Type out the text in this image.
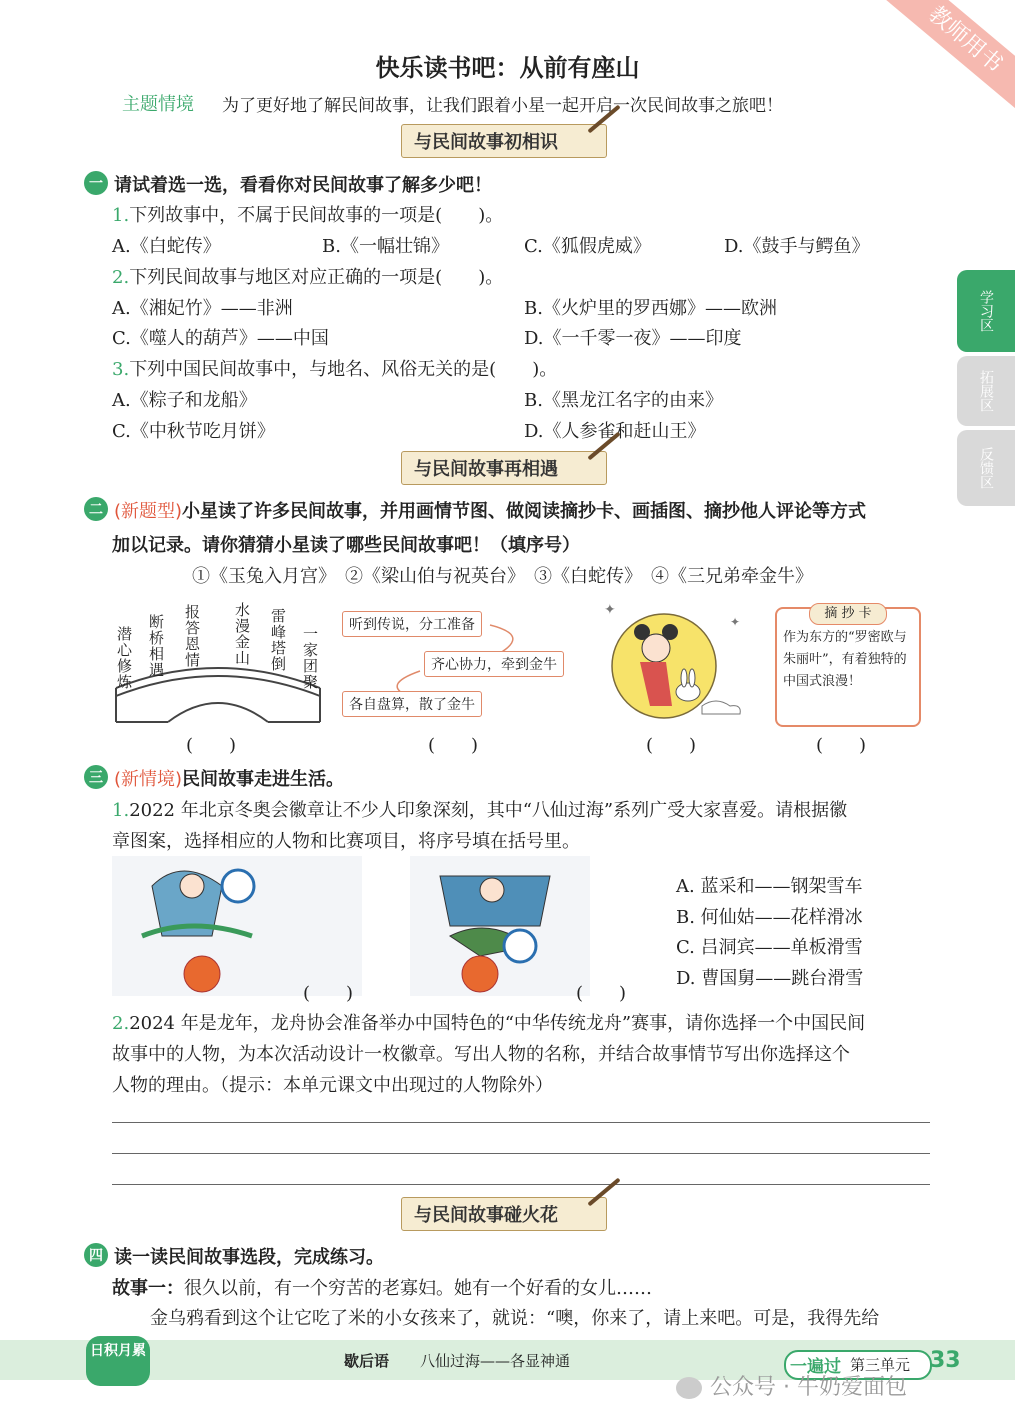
教师用书
快乐读书吧：从前有座山
主题情境 为了更好地了解民间故事，让我们跟着小星一起开启一次民间故事之旅吧！
学习区
拓展区
反馈区
与民间故事初相识
一 请试着选一选，看看你对民间故事了解多少吧！
1.下列故事中，不属于民间故事的一项是(　　)。
A.《白蛇传》	B.《一幅壮锦》	C.《狐假虎威》	D.《鼓手与鳄鱼》
2.下列民间故事与地区对应正确的一项是(　　)。
A.《湘妃竹》——非洲	B.《火炉里的罗西娜》——欧洲
C.《噬人的葫芦》——中国	D.《一千零一夜》——印度
3.下列中国民间故事中，与地名、风俗无关的是(　　)。
A.《粽子和龙船》	B.《黑龙江名字的由来》
C.《中秋节吃月饼》	D.《人参雀和赶山王》
与民间故事再相遇
二 (新题型)小星读了许多民间故事，并用画情节图、做阅读摘抄卡、画插图、摘抄他人评论等方式
加以记录。请你猜猜小星读了哪些民间故事吧！（填序号）
①《玉兔入月宫》　②《梁山伯与祝英台》　③《白蛇传》　④《三兄弟牵金牛》
潜心修炼 断桥相遇 报答恩情 水漫金山 雷峰塔倒 一家团聚
听到传说，分工准备
齐心协力，牵到金牛
各自盘算，散了金牛
✦
✦
摘 抄 卡
作为东方的“罗密欧与朱丽叶”，有着独特的中国式浪漫！
(　　)	(　　)	(　　)	(　　)
三 (新情境)民间故事走进生活。
1.2022 年北京冬奥会徽章让不少人印象深刻，其中“八仙过海”系列广受大家喜爱。请根据徽
章图案，选择相应的人物和比赛项目，将序号填在括号里。
(　　)	(　　)
A. 蓝采和——钢架雪车
B. 何仙姑——花样滑冰
C. 吕洞宾——单板滑雪
D. 曹国舅——跳台滑雪
2.2024 年是龙年，龙舟协会准备举办中国特色的“中华传统龙舟”赛事，请你选择一个中国民间
故事中的人物，为本次活动设计一枚徽章。写出人物的名称，并结合故事情节写出你选择这个
人物的理由。（提示：本单元课文中出现过的人物除外）
与民间故事碰火花
四 读一读民间故事选段，完成练习。
故事一：很久以前，有一个穷苦的老寡妇。她有一个好看的女儿……
金乌鸦看到这个让它吃了米的小女孩来了，就说：“噢，你来了，请上来吧。可是，我得先给
日积月累
歇后语 八仙过海——各显神通	一遍过 第三单元 33
公众号 · 牛奶爱面包
